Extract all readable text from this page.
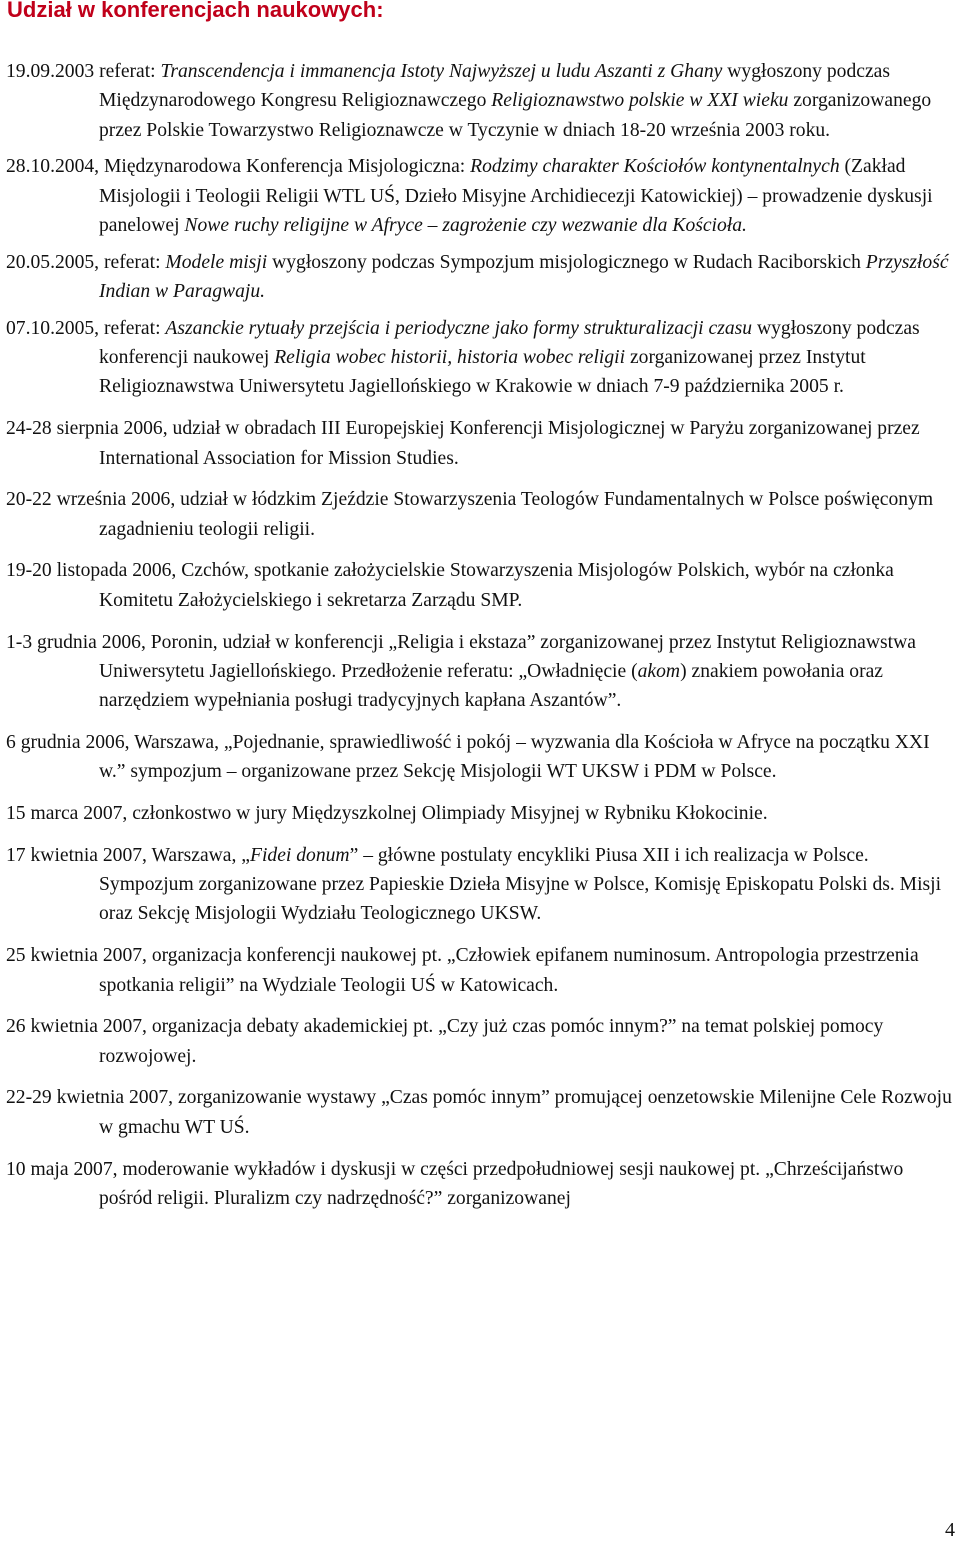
Udział w konferencjach naukowych:
19.09.2003 referat: Transcendencja i immanencja Istoty Najwyższej u ludu Aszanti z Ghany wygłoszony podczas Międzynarodowego Kongresu Religioznawczego Religioznawstwo polskie w XXI wieku zorganizowanego przez Polskie Towarzystwo Religioznawcze w Tyczynie w dniach 18-20 września 2003 roku.
28.10.2004, Międzynarodowa Konferencja Misjologiczna: Rodzimy charakter Kościołów kontynentalnych (Zakład Misjologii i Teologii Religii WTL UŚ, Dzieło Misyjne Archidiecezji Katowickiej) – prowadzenie dyskusji panelowej Nowe ruchy religijne w Afryce – zagrożenie czy wezwanie dla Kościoła.
20.05.2005, referat: Modele misji wygłoszony podczas Sympozjum misjologicznego w Rudach Raciborskich Przyszłość Indian w Paragwaju.
07.10.2005, referat: Aszanckie rytuały przejścia i periodyczne jako formy strukturalizacji czasu wygłoszony podczas konferencji naukowej Religia wobec historii, historia wobec religii zorganizowanej przez Instytut Religioznawstwa Uniwersytetu Jagiellońskiego w Krakowie w dniach 7-9 października 2005 r.
24-28 sierpnia 2006, udział w obradach III Europejskiej Konferencji Misjologicznej w Paryżu zorganizowanej przez International Association for Mission Studies.
20-22 września 2006, udział w łódzkim Zjeździe Stowarzyszenia Teologów Fundamentalnych w Polsce poświęconym zagadnieniu teologii religii.
19-20 listopada 2006, Czchów, spotkanie założycielskie Stowarzyszenia Misjologów Polskich, wybór na członka Komitetu Założycielskiego i sekretarza Zarządu SMP.
1-3 grudnia 2006, Poronin, udział w konferencji „Religia i ekstaza” zorganizowanej przez Instytut Religioznawstwa Uniwersytetu Jagiellońskiego. Przedłożenie referatu: „Owładnięcie (akom) znakiem powołania oraz narzędziem wypełniania posługi tradycyjnych kapłana Aszantów”.
6 grudnia 2006, Warszawa, „Pojednanie, sprawiedliwość i pokój – wyzwania dla Kościoła w Afryce na początku XXI w.” sympozjum – organizowane przez Sekcję Misjologii WT UKSW i PDM w Polsce.
15 marca 2007, członkostwo w jury Międzyszkolnej Olimpiady Misyjnej w Rybniku Kłokocinie.
17 kwietnia 2007, Warszawa, „Fidei donum” – główne postulaty encykliki Piusa XII i ich realizacja w Polsce. Sympozjum zorganizowane przez Papieskie Dzieła Misyjne w Polsce, Komisję Episkopatu Polski ds. Misji oraz Sekcję Misjologii Wydziału Teologicznego UKSW.
25 kwietnia 2007, organizacja konferencji naukowej pt. „Człowiek epifanem numinosum. Antropologia przestrzenia spotkania religii” na Wydziale Teologii UŚ w Katowicach.
26 kwietnia 2007, organizacja debaty akademickiej pt. „Czy już czas pomóc innym?” na temat polskiej pomocy rozwojowej.
22-29 kwietnia 2007, zorganizowanie wystawy „Czas pomóc innym” promującej oenzetowskie Milenijne Cele Rozwoju w gmachu WT UŚ.
10 maja 2007, moderowanie wykładów i dyskusji w części przedpołudniowej sesji naukowej pt. „Chrześcijaństwo pośród religii. Pluralizm czy nadrzędność?” zorganizowanej
4
